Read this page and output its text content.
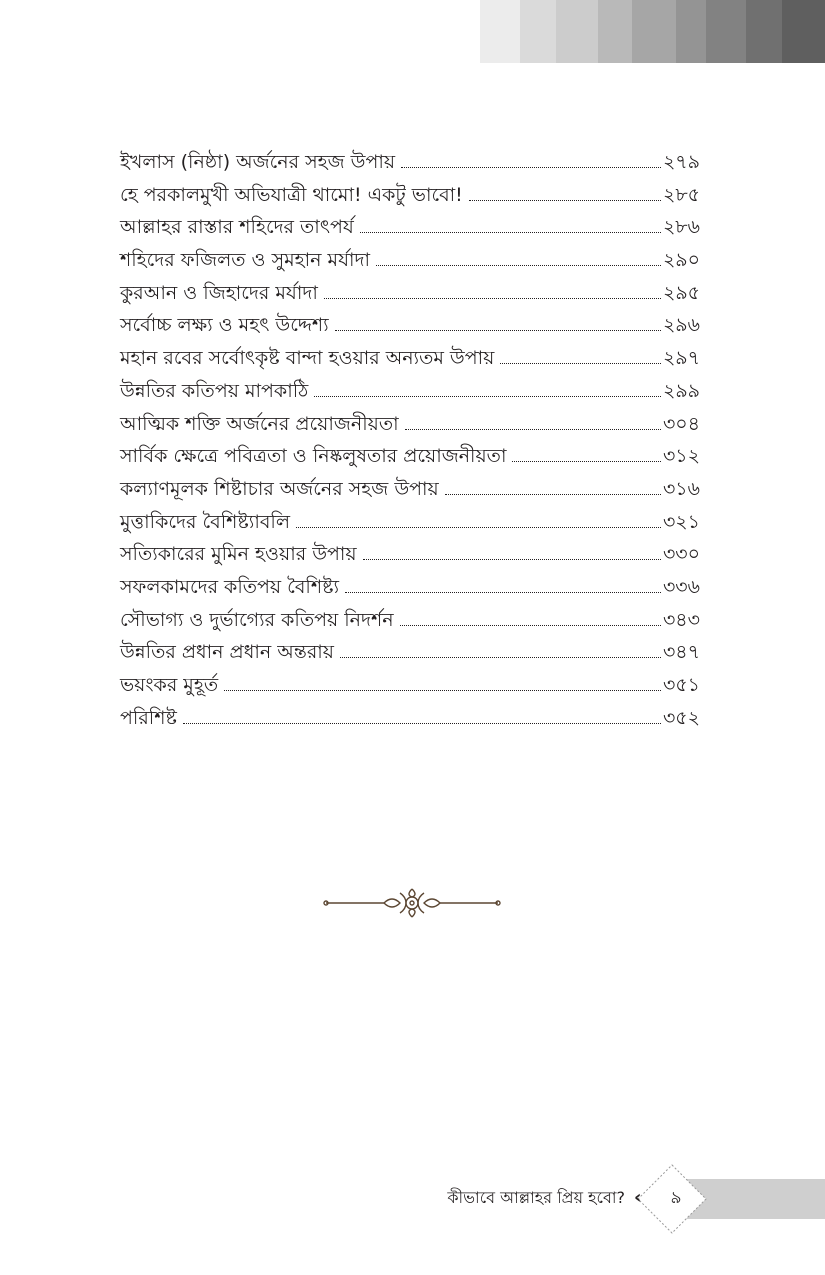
ইখলাস (নিষ্ঠা) অর্জনের সহজ উপায়	২৭৯
হে পরকালমুখী অভিযাত্রী থামো! একটু ভাবো!	২৮৫
আল্লাহর রাস্তার শহিদের তাৎপর্য	২৮৬
শহিদের ফজিলত ও সুমহান মর্যাদা	২৯০
কুরআন ও জিহাদের মর্যাদা	২৯৫
সর্বোচ্চ লক্ষ্য ও মহৎ উদ্দেশ্য	২৯৬
মহান রবের সর্বোৎকৃষ্ট বান্দা হওয়ার অন্যতম উপায়	২৯৭
উন্নতির কতিপয় মাপকাঠি	২৯৯
আত্মিক শক্তি অর্জনের প্রয়োজনীয়তা	৩০৪
সার্বিক ক্ষেত্রে পবিত্রতা ও নিষ্কলুষতার প্রয়োজনীয়তা	৩১২
কল্যাণমূলক শিষ্টাচার অর্জনের সহজ উপায়	৩১৬
মুত্তাকিদের বৈশিষ্ট্যাবলি	৩২১
সত্যিকারের মুমিন হওয়ার উপায়	৩৩০
সফলকামদের কতিপয় বৈশিষ্ট্য	৩৩৬
সৌভাগ্য ও দুর্ভাগ্যের কতিপয় নিদর্শন	৩৪৩
উন্নতির প্রধান প্রধান অন্তরায়	৩৪৭
ভয়ংকর মুহূর্ত	৩৫১
পরিশিষ্ট	৩৫২
কীভাবে আল্লাহর প্রিয় হবো? ‹	৯
